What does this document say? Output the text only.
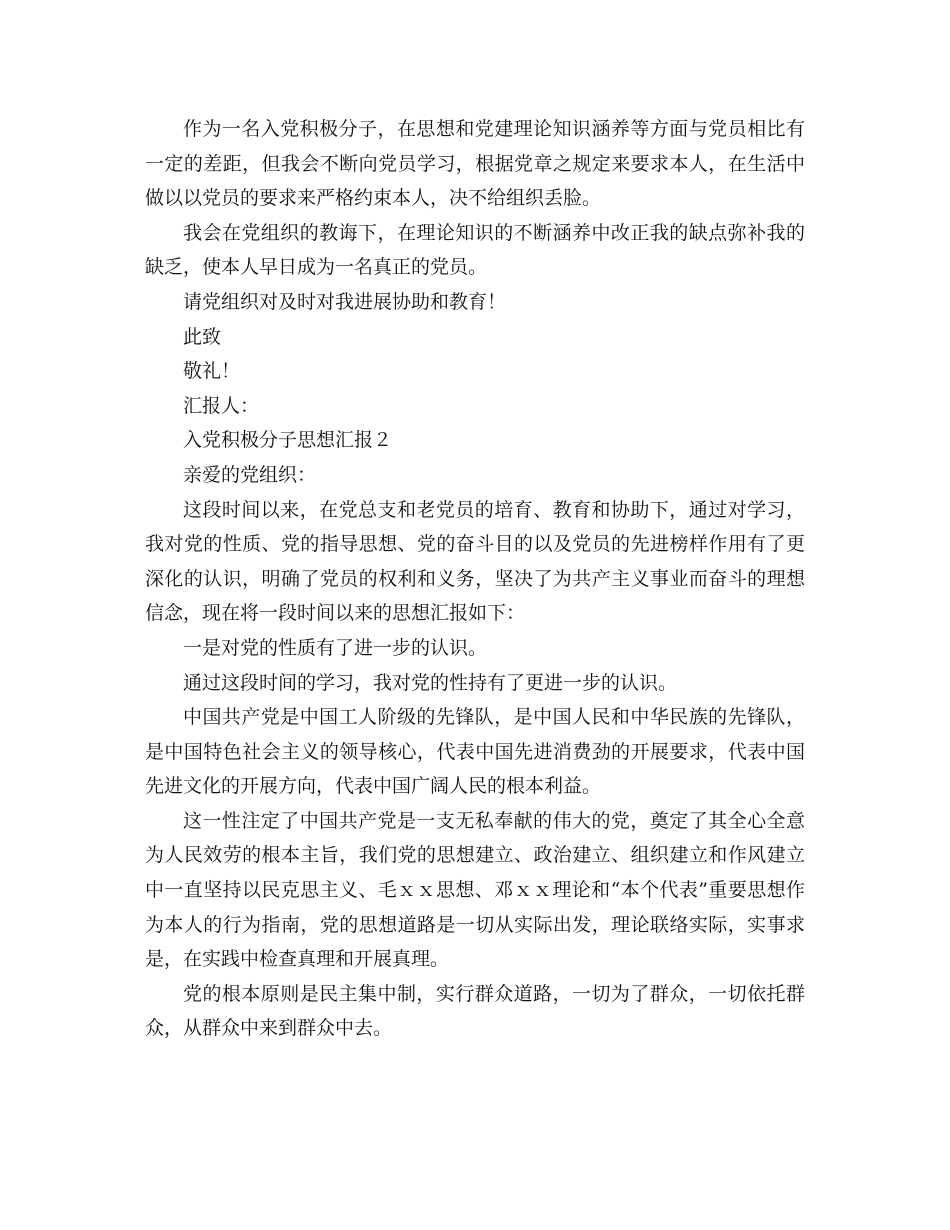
作为一名入党积极分子，在思想和党建理论知识涵养等方面与党员相比有一定的差距，但我会不断向党员学习，根据党章之规定来要求本人，在生活中做以以党员的要求来严格约束本人，决不给组织丢脸。

我会在党组织的教诲下，在理论知识的不断涵养中改正我的缺点弥补我的缺乏，使本人早日成为一名真正的党员。

请党组织对及时对我进展协助和教育！

此致

敬礼！

汇报人：

入党积极分子思想汇报２

亲爱的党组织：

这段时间以来，在党总支和老党员的培育、教育和协助下，通过对学习，我对党的性质、党的指导思想、党的奋斗目的以及党员的先进榜样作用有了更深化的认识，明确了党员的权利和义务，坚决了为共产主义事业而奋斗的理想信念，现在将一段时间以来的思想汇报如下：

一是对党的性质有了进一步的认识。

通过这段时间的学习，我对党的性持有了更进一步的认识。

中国共产党是中国工人阶级的先锋队，是中国人民和中华民族的先锋队，是中国特色社会主义的领导核心，代表中国先进消费劲的开展要求，代表中国先进文化的开展方向，代表中国广阔人民的根本利益。

这一性注定了中国共产党是一支无私奉献的伟大的党，奠定了其全心全意为人民效劳的根本主旨，我们党的思想建立、政治建立、组织建立和作风建立中一直坚持以民克思主义、毛ｘｘ思想、邓ｘｘ理论和“本个代表”重要思想作为本人的行为指南，党的思想道路是一切从实际出发，理论联络实际，实事求是，在实践中检查真理和开展真理。

党的根本原则是民主集中制，实行群众道路，一切为了群众，一切依托群众，从群众中来到群众中去。
